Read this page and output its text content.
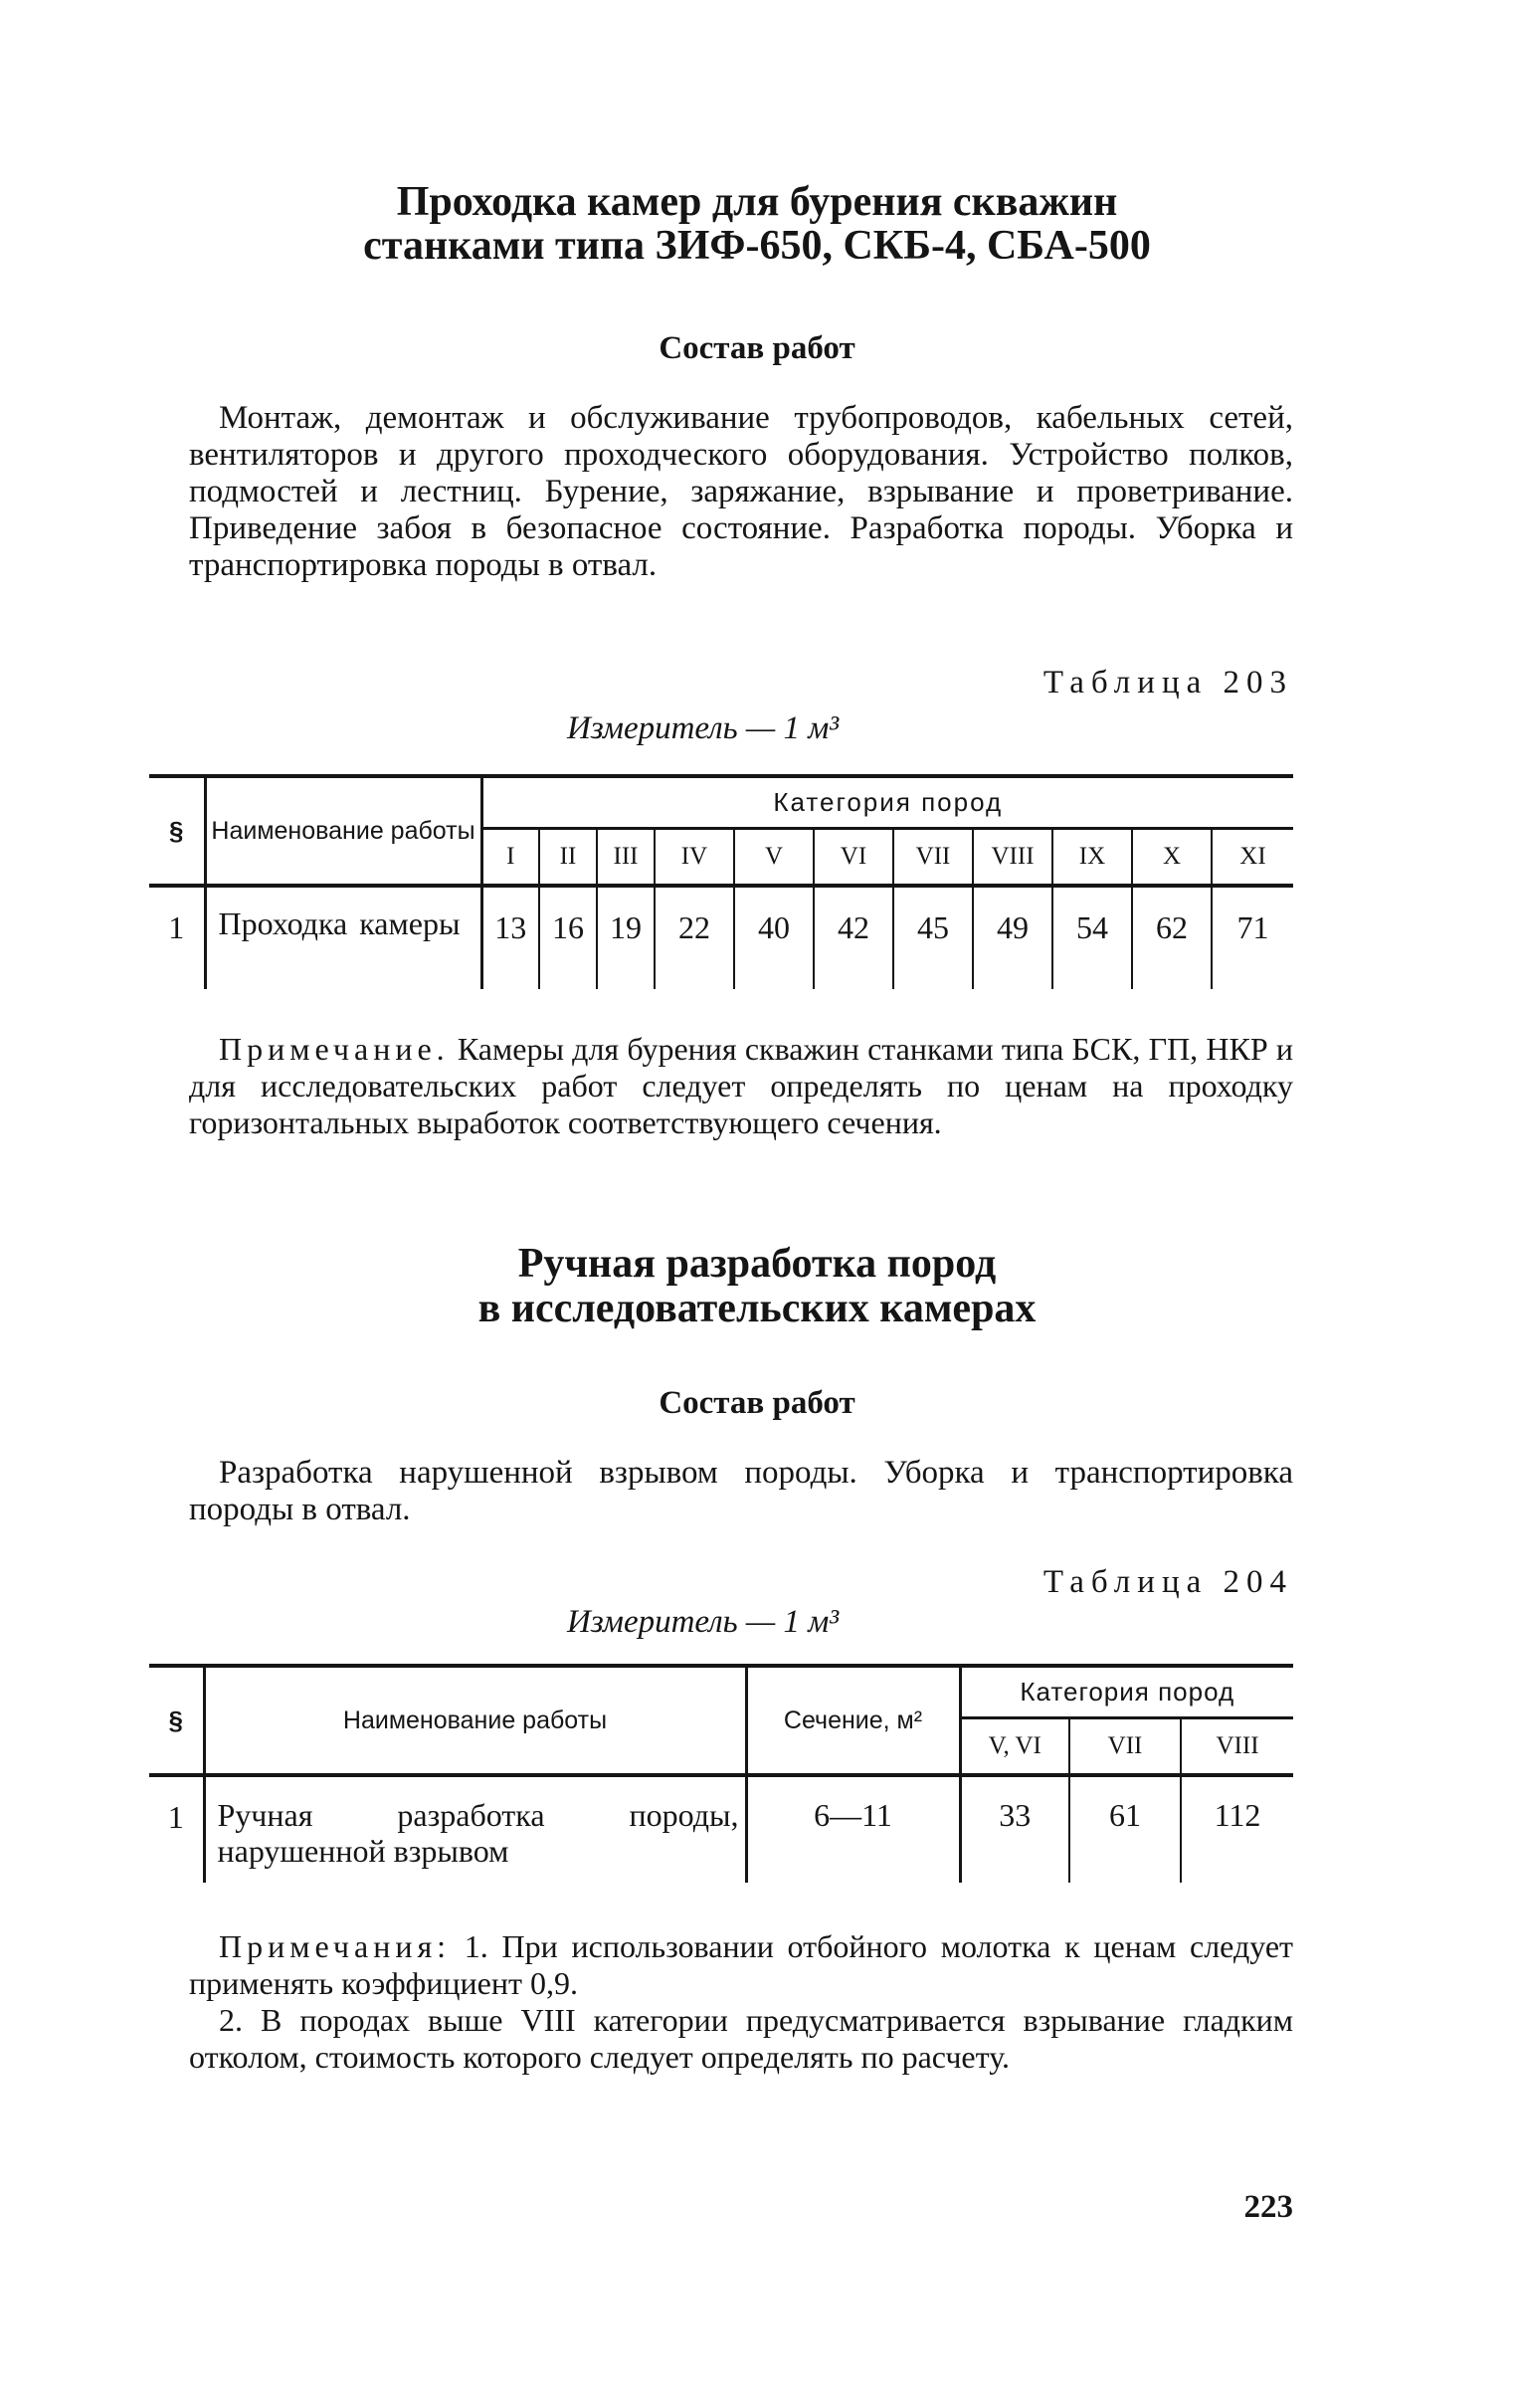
Проходка камер для бурения скважин
станками типа ЗИФ-650, СКБ-4, СБА-500
Состав работ
Монтаж, демонтаж и обслуживание трубопроводов, кабельных сетей, вентиляторов и другого проходческого оборудования. Устройство полков, подмостей и лестниц. Бурение, заряжание, взрывание и проветривание. Приведение забоя в безопасное состояние. Разработка породы. Уборка и транспортировка породы в отвал.
Таблица 203
Измеритель — 1 м³
§	Наименование работы	Категория пород										
		I	II	III	IV	V	VI	VII	VIII	IX	X	XI
1	Проходка камеры	13	16	19	22	40	42	45	49	54	62	71
Примечание. Камеры для бурения скважин станками типа БСК, ГП, НКР и для исследовательских работ следует определять по ценам на проходку горизонтальных выработок соответствующего сечения.
Ручная разработка пород
в исследовательских камерах
Состав работ
Разработка нарушенной взрывом породы. Уборка и транспортировка породы в отвал.
Таблица 204
Измеритель — 1 м³
§	Наименование работы	Сечение, м²	Категория пород		
			V, VI	VII	VIII
1	Ручная разработка породы, нарушенной взрывом	6—11	33	61	112
Примечания: 1. При использовании отбойного молотка к ценам следует применять коэффициент 0,9.
2. В породах выше VIII категории предусматривается взрывание гладким отколом, стоимость которого следует определять по расчету.
223
